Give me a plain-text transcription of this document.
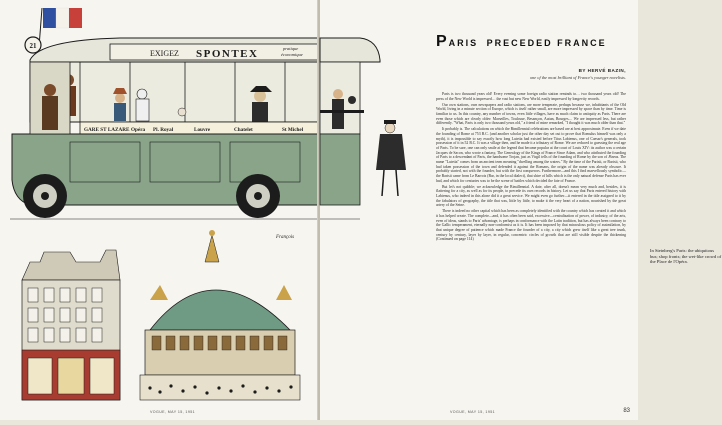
21
EXIGEZ SPONTEX	pratique
économique
GARE ST LAZARE Opéra Pl. Royal	Louvre	Chatelet	St Michel
François
VOGUE, MAY 15, 1951
In Steinberg's Paris: the ubiquitous bus; shop fronts; the wet-like crowd of the Place de l'Opéra.
PARIS PRECEDED FRANCE
BY HERVÉ BAZIN,
one of the most brilliant of France's younger novelists.

Paris is two thousand years old! Every evening some foreign radio station reminds to… two thousand years old! The press of the New World is impressed… the vast but new New World, easily impressed by longevity records.

Our own stations, own newspapers and radio stations, are more temperate, perhaps because we, inhabitants of the Old World, living in a minute section of Europe, which is itself rather small, are more impressed by space than by time. Time is familiar to us. In this country, any number of towns, even little villages, have as much claim to antiquity as Paris. There are even those which are clearly older: Marseilles, Toulouse, Besançon, Autun, Bourges.... We are impressed less, but rather differently. "What, Paris is only two thousand years old," a friend of mine remarked, "I thought it was much older than that."

It probably is. The calculations on which the Bimillennial celebrations are based are at best approximate. Even if we date the founding of Rome at 753 B.C. (and another scholar just the other day set out to prove that Romulus himself was only a myth), it is impossible to say exactly how long Lutetia had existed before Titus Labienus, one of Caesar's generals, took possession of it in 52 B.C. It was a village then, and he made it a tributary of Rome. We are reduced to guessing the real age of Paris. To be sure, one can only smile at the legend that became popular at the court of Louis XIV: its author was a certain Jacques de Sacon, who wrote a fantasy, The Genealogy of the Kings of France Since Adam, and who attributed the founding of Paris to a descendant of Paris, the handsome Trojan, just as Virgil tells of the founding of Rome by the son of Æneas. The name "Lutetia" comes from an ancient term meaning "dwelling among the waters." By the time of the Parisii, or Barisii, who had taken possession of the town and defended it against the Romans, the origin of the name was already obscure. It probably started, not with the founder, but with the first conquerors. Furthermore—and this I find marvellously symbolic—the Barisii came from Le Barrois (Bar, in the local dialect), that shire of hills which is the only natural defense Paris has ever had, and which for centuries was to be the scene of battles which decided the fate of France.

But let's not quibble; we acknowledge the Bimillennial. A date, after all, doesn't mean very much and, besides, it is flattering for a city, as well as for its people, to precede its own records in history. Let us say that Paris entered history with Labienus, who indeed in this alone did it a great service. We might even go further—it entered in the title assigned to it by the fabulators of geography, the title that was, little by little, to make it the very heart of a nation, nourished by the great artery of the Seine.

There is indeed no other capital which has been as completely identified with the country which has created it and which it has helped create. The complete—and, it has often been said, excessive—centralization of power, of industry, of the arts, even of ideas, stands to Paris' advantage, is perhaps in conformance with the Latin tradition, but has always been contrary to the Gallic temperament, eternally non-conformist as it is. It has been imposed by that miraculous policy of assimilation, by that unique degree of patience which made France the founder of a city, a city which grew itself like a great tree trunk, century by century, layer by layer, in regular, concentric circles of growth that are still visible despite the thickening (Continued on page 114)

VOGUE, MAY 15, 1951	83
